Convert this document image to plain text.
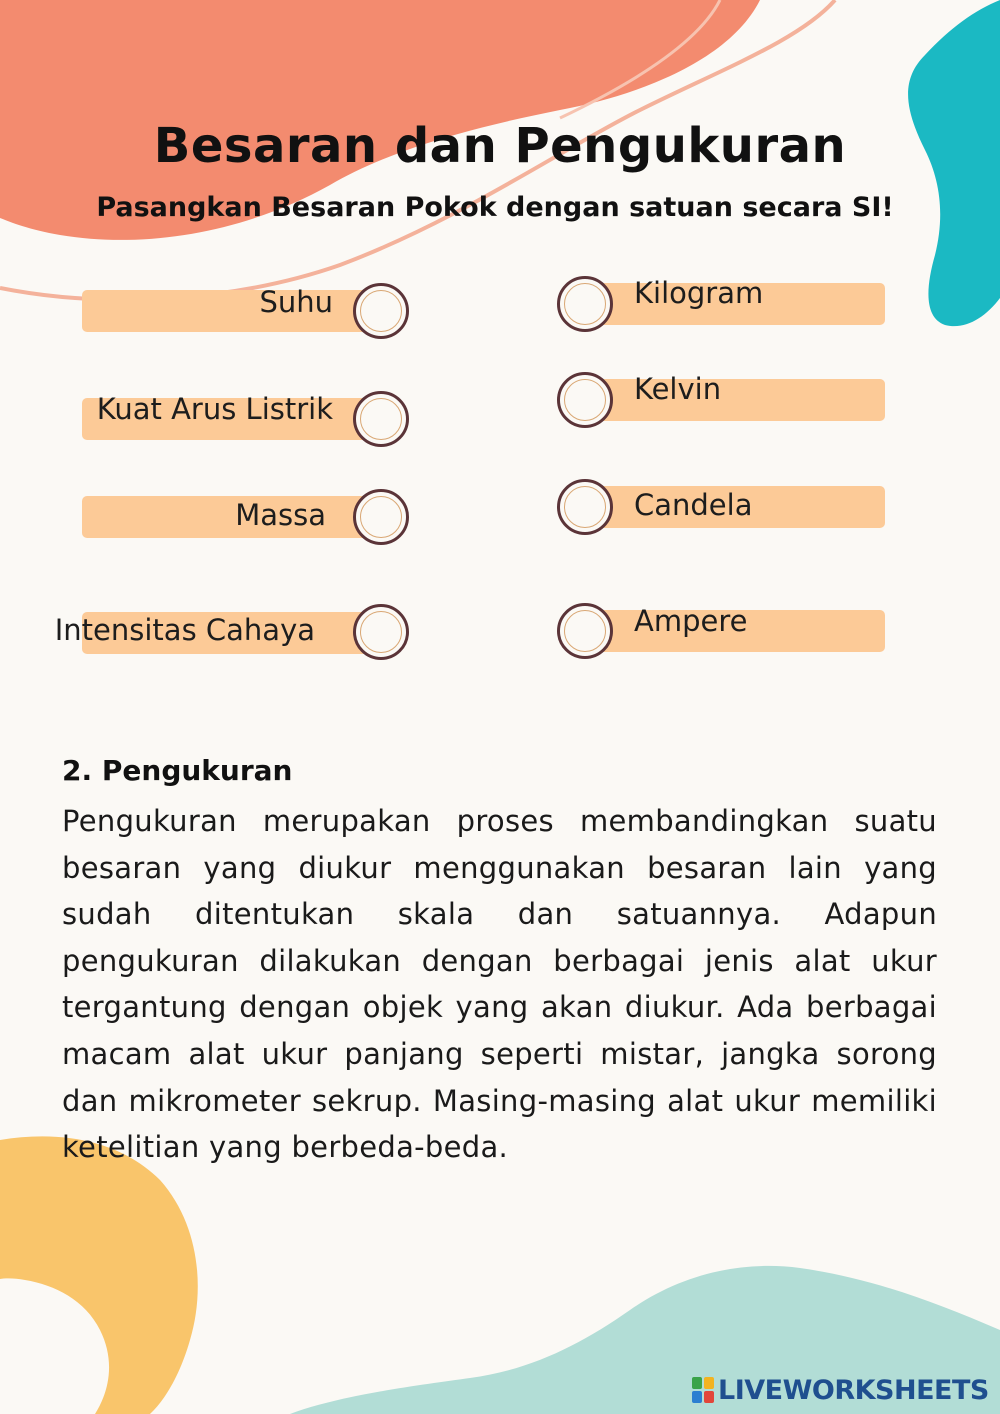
Besaran dan Pengukuran

Pasangkan Besaran Pokok dengan satuan secara SI!

Suhu
Kuat Arus Listrik
Massa
Intensitas Cahaya
Kilogram
Kelvin
Candela
Ampere
2. Pengukuran

Pengukuran merupakan proses membandingkan suatu besaran yang diukur menggunakan besaran lain yang sudah ditentukan skala dan satuannya. Adapun pengukuran dilakukan dengan berbagai jenis alat ukur tergantung dengan objek yang akan diukur. Ada berbagai macam alat ukur panjang seperti mistar, jangka sorong dan mikrometer sekrup. Masing-masing alat ukur memiliki ketelitian yang berbeda-beda.

LIVEWORKSHEETS
